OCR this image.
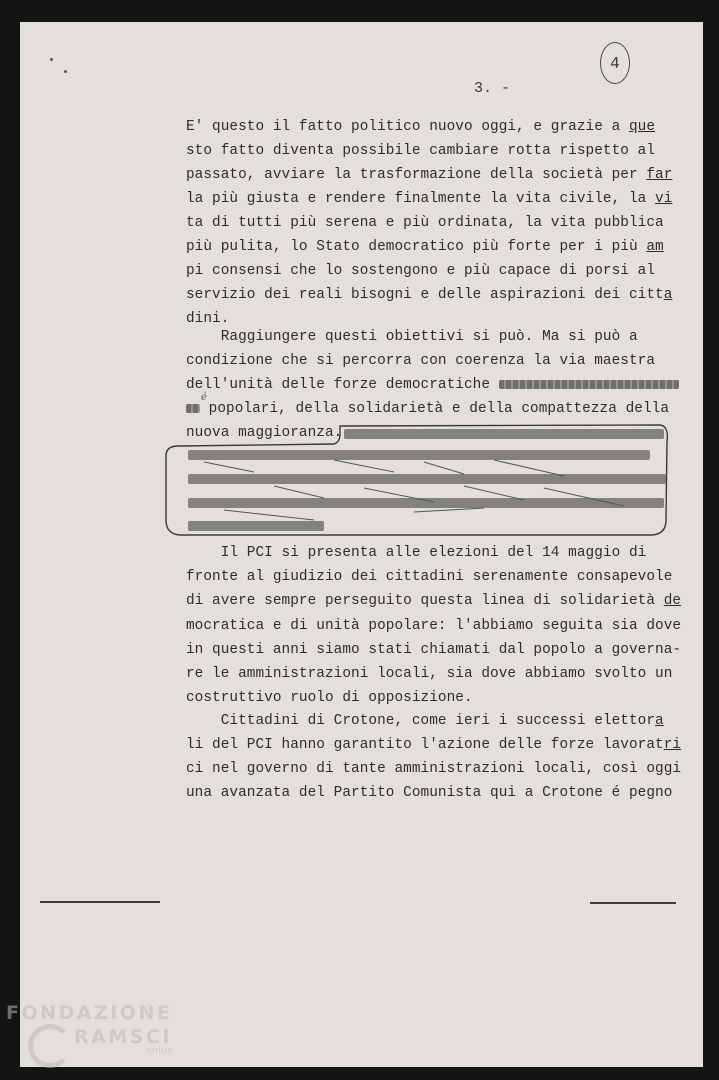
3. -
4
E' questo il fatto politico nuovo oggi, e grazie a que
sto fatto diventa possibile cambiare rotta rispetto al
passato, avviare la trasformazione della società per far
la più giusta e rendere finalmente la vita civile, la vi
ta di tutti più serena e più ordinata, la vita pubblica
più pulita, lo Stato democratico più forte per i più am
pi consensi che lo sostengono e più capace di porsi al
servizio dei reali bisogni e delle aspirazioni dei citta
dini.
Raggiungere questi obiettivi si può. Ma si può a
condizione che si percorra con coerenza la via maestra
dell'unità delle forze democratiche
é
popolari, della solidarietà e della compattezza della
nuova maggioranza.
Il PCI si presenta alle elezioni del 14 maggio di
fronte al giudizio dei cittadini serenamente consapevole
di avere sempre perseguito questa linea di solidarietà de
mocratica e di unità popolare: l'abbiamo seguita sia dove
in questi anni siamo stati chiamati dal popolo a governa-
re le amministrazioni locali, sia dove abbiamo svolto un
costruttivo ruolo di opposizione.
Cittadini di Crotone, come ieri i successi elettora
li del PCI hanno garantito l'azione delle forze lavoratri
ci nel governo di tante amministrazioni locali, così oggi
una avanzata del Partito Comunista qui a Crotone é pegno
FONDAZIONE
RAMSCI
onlus
